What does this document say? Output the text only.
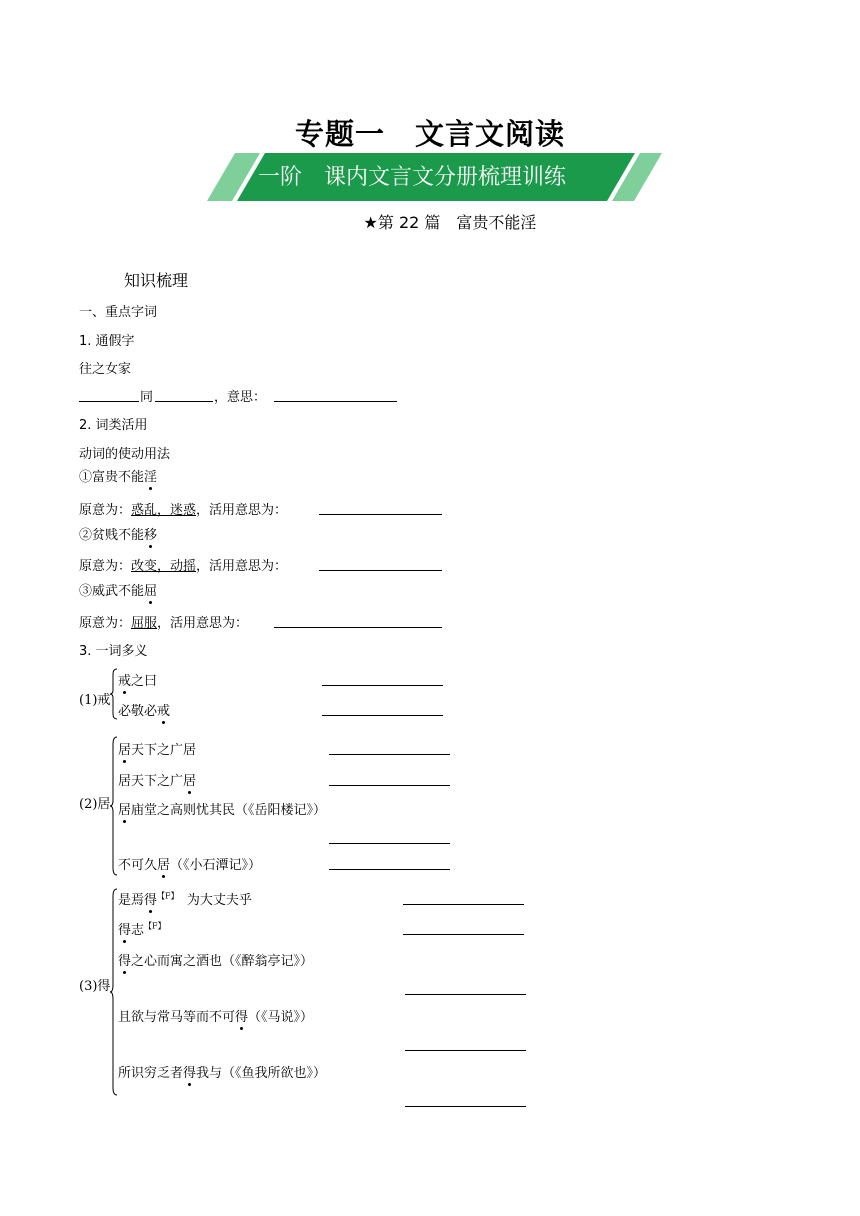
专题一　文言文阅读
一阶　课内文言文分册梳理训练
★第 22 篇　富贵不能淫
知识梳理
一、重点字词
1. 通假字
往之女家
同	，意思：
2. 词类活用
动词的使动用法
①富贵不能淫
原意为：惑乱，迷惑，活用意思为：
②贫贱不能移
原意为：改变，动摇，活用意思为：
③威武不能屈
原意为：屈服，活用意思为：
3. 一词多义
(1)戒
戒之曰
必敬必戒
(2)居
居天下之广居
居天下之广居
居庙堂之高则忧其民（《岳阳楼记》）
不可久居（《小石潭记》）
(3)得
是焉得$^{【F】}$ 为大丈夫乎
得志$^{【F】}$
得之心而寓之酒也（《醉翁亭记》）
且欲与常马等而不可得（《马说》）
所识穷乏者得我与（《鱼我所欲也》）
